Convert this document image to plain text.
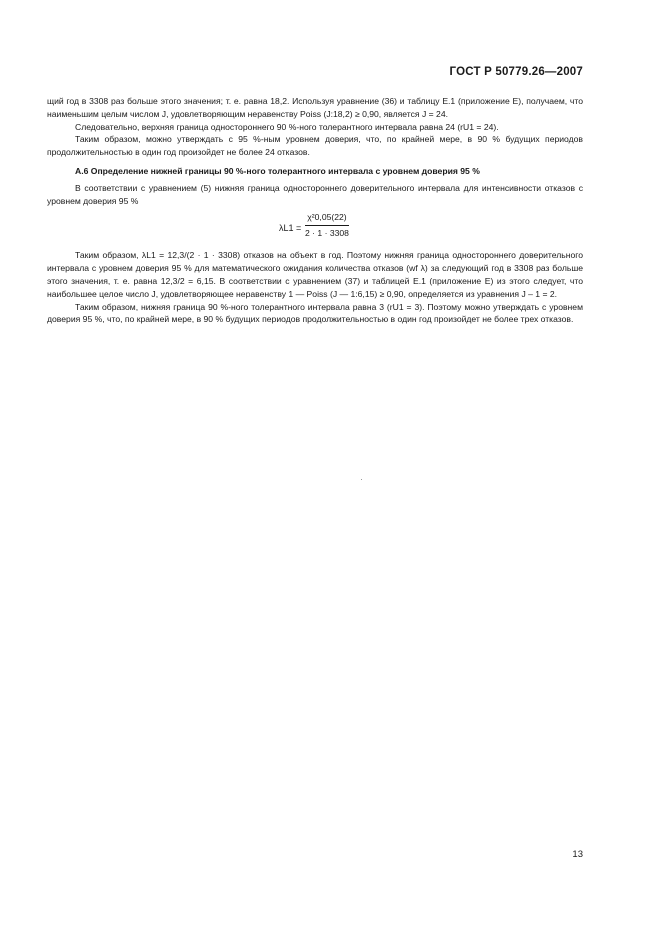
ГОСТ Р 50779.26—2007

щий год в 3308 раз больше этого значения; т. е. равна 18,2. Используя уравнение (36) и таблицу Е.1 (приложение Е), получаем, что наименьшим целым числом J, удовлетворяющим неравенству Poiss (J:18,2) ≥ 0,90, является J = 24.

Следовательно, верхняя граница одностороннего 90 %-ного толерантного интервала равна 24 (rU1 = 24).

Таким образом, можно утверждать с 95 %-ным уровнем доверия, что, по крайней мере, в 90 % будущих периодов продолжительностью в один год произойдет не более 24 отказов.

А.6 Определение нижней границы 90 %-ного толерантного интервала с уровнем доверия 95 %

В соответствии с уравнением (5) нижняя граница одностороннего доверительного интервала для интенсивности отказов с уровнем доверия 95 %

$\lambda L1 = \frac{\text{χ²0,05(22)}}{2 \cdot 1 \cdot 3308}$

Таким образом, λL1 = 12,3/(2 · 1 · 3308) отказов на объект в год. Поэтому нижняя граница одностороннего доверительного интервала с уровнем доверия 95 % для математического ожидания количества отказов (wf λ) за следующий год в 3308 раз больше этого значения, т. е. равна 12,3/2 = 6,15. В соответствии с уравнением (37) и таблицей Е.1 (приложение Е) из этого следует, что наибольшее целое число J, удовлетворяющее неравенству 1 — Poiss (J — 1:6,15) ≥ 0,90, определяется из уравнения J – 1 = 2.

Таким образом, нижняя граница 90 %-ного толерантного интервала равна 3 (rU1 = 3). Поэтому можно утверждать с уровнем доверия 95 %, что, по крайней мере, в 90 % будущих периодов продолжительностью в один год произойдет не более трех отказов.

13
